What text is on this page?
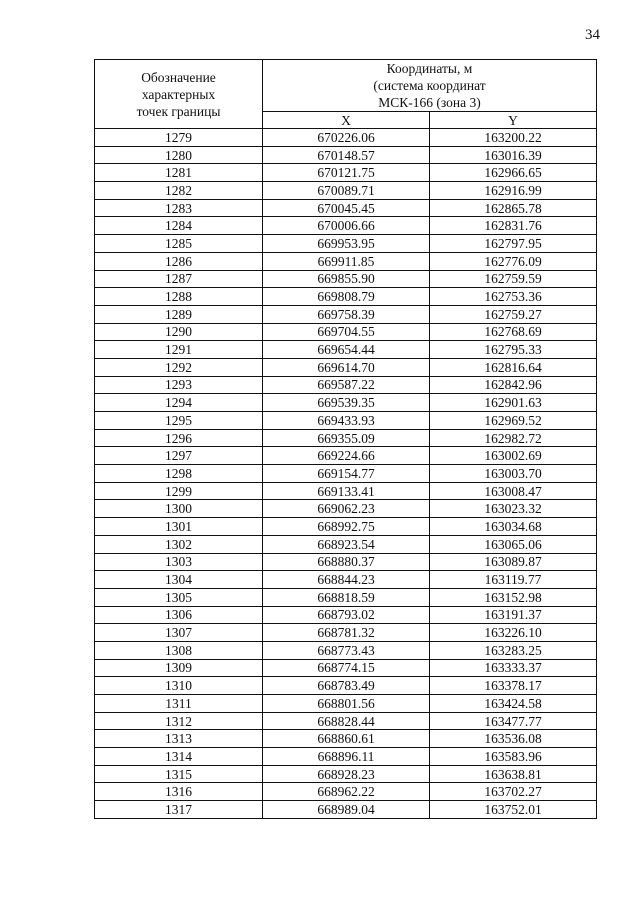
34
Обозначение
характерных
точек границы	Координаты, м
(система координат
МСК-166 (зона 3)	

	X	Y
1279	670226.06	163200.22
1280	670148.57	163016.39
1281	670121.75	162966.65
1282	670089.71	162916.99
1283	670045.45	162865.78
1284	670006.66	162831.76
1285	669953.95	162797.95
1286	669911.85	162776.09
1287	669855.90	162759.59
1288	669808.79	162753.36
1289	669758.39	162759.27
1290	669704.55	162768.69
1291	669654.44	162795.33
1292	669614.70	162816.64
1293	669587.22	162842.96
1294	669539.35	162901.63
1295	669433.93	162969.52
1296	669355.09	162982.72
1297	669224.66	163002.69
1298	669154.77	163003.70
1299	669133.41	163008.47
1300	669062.23	163023.32
1301	668992.75	163034.68
1302	668923.54	163065.06
1303	668880.37	163089.87
1304	668844.23	163119.77
1305	668818.59	163152.98
1306	668793.02	163191.37
1307	668781.32	163226.10
1308	668773.43	163283.25
1309	668774.15	163333.37
1310	668783.49	163378.17
1311	668801.56	163424.58
1312	668828.44	163477.77
1313	668860.61	163536.08
1314	668896.11	163583.96
1315	668928.23	163638.81
1316	668962.22	163702.27
1317	668989.04	163752.01
